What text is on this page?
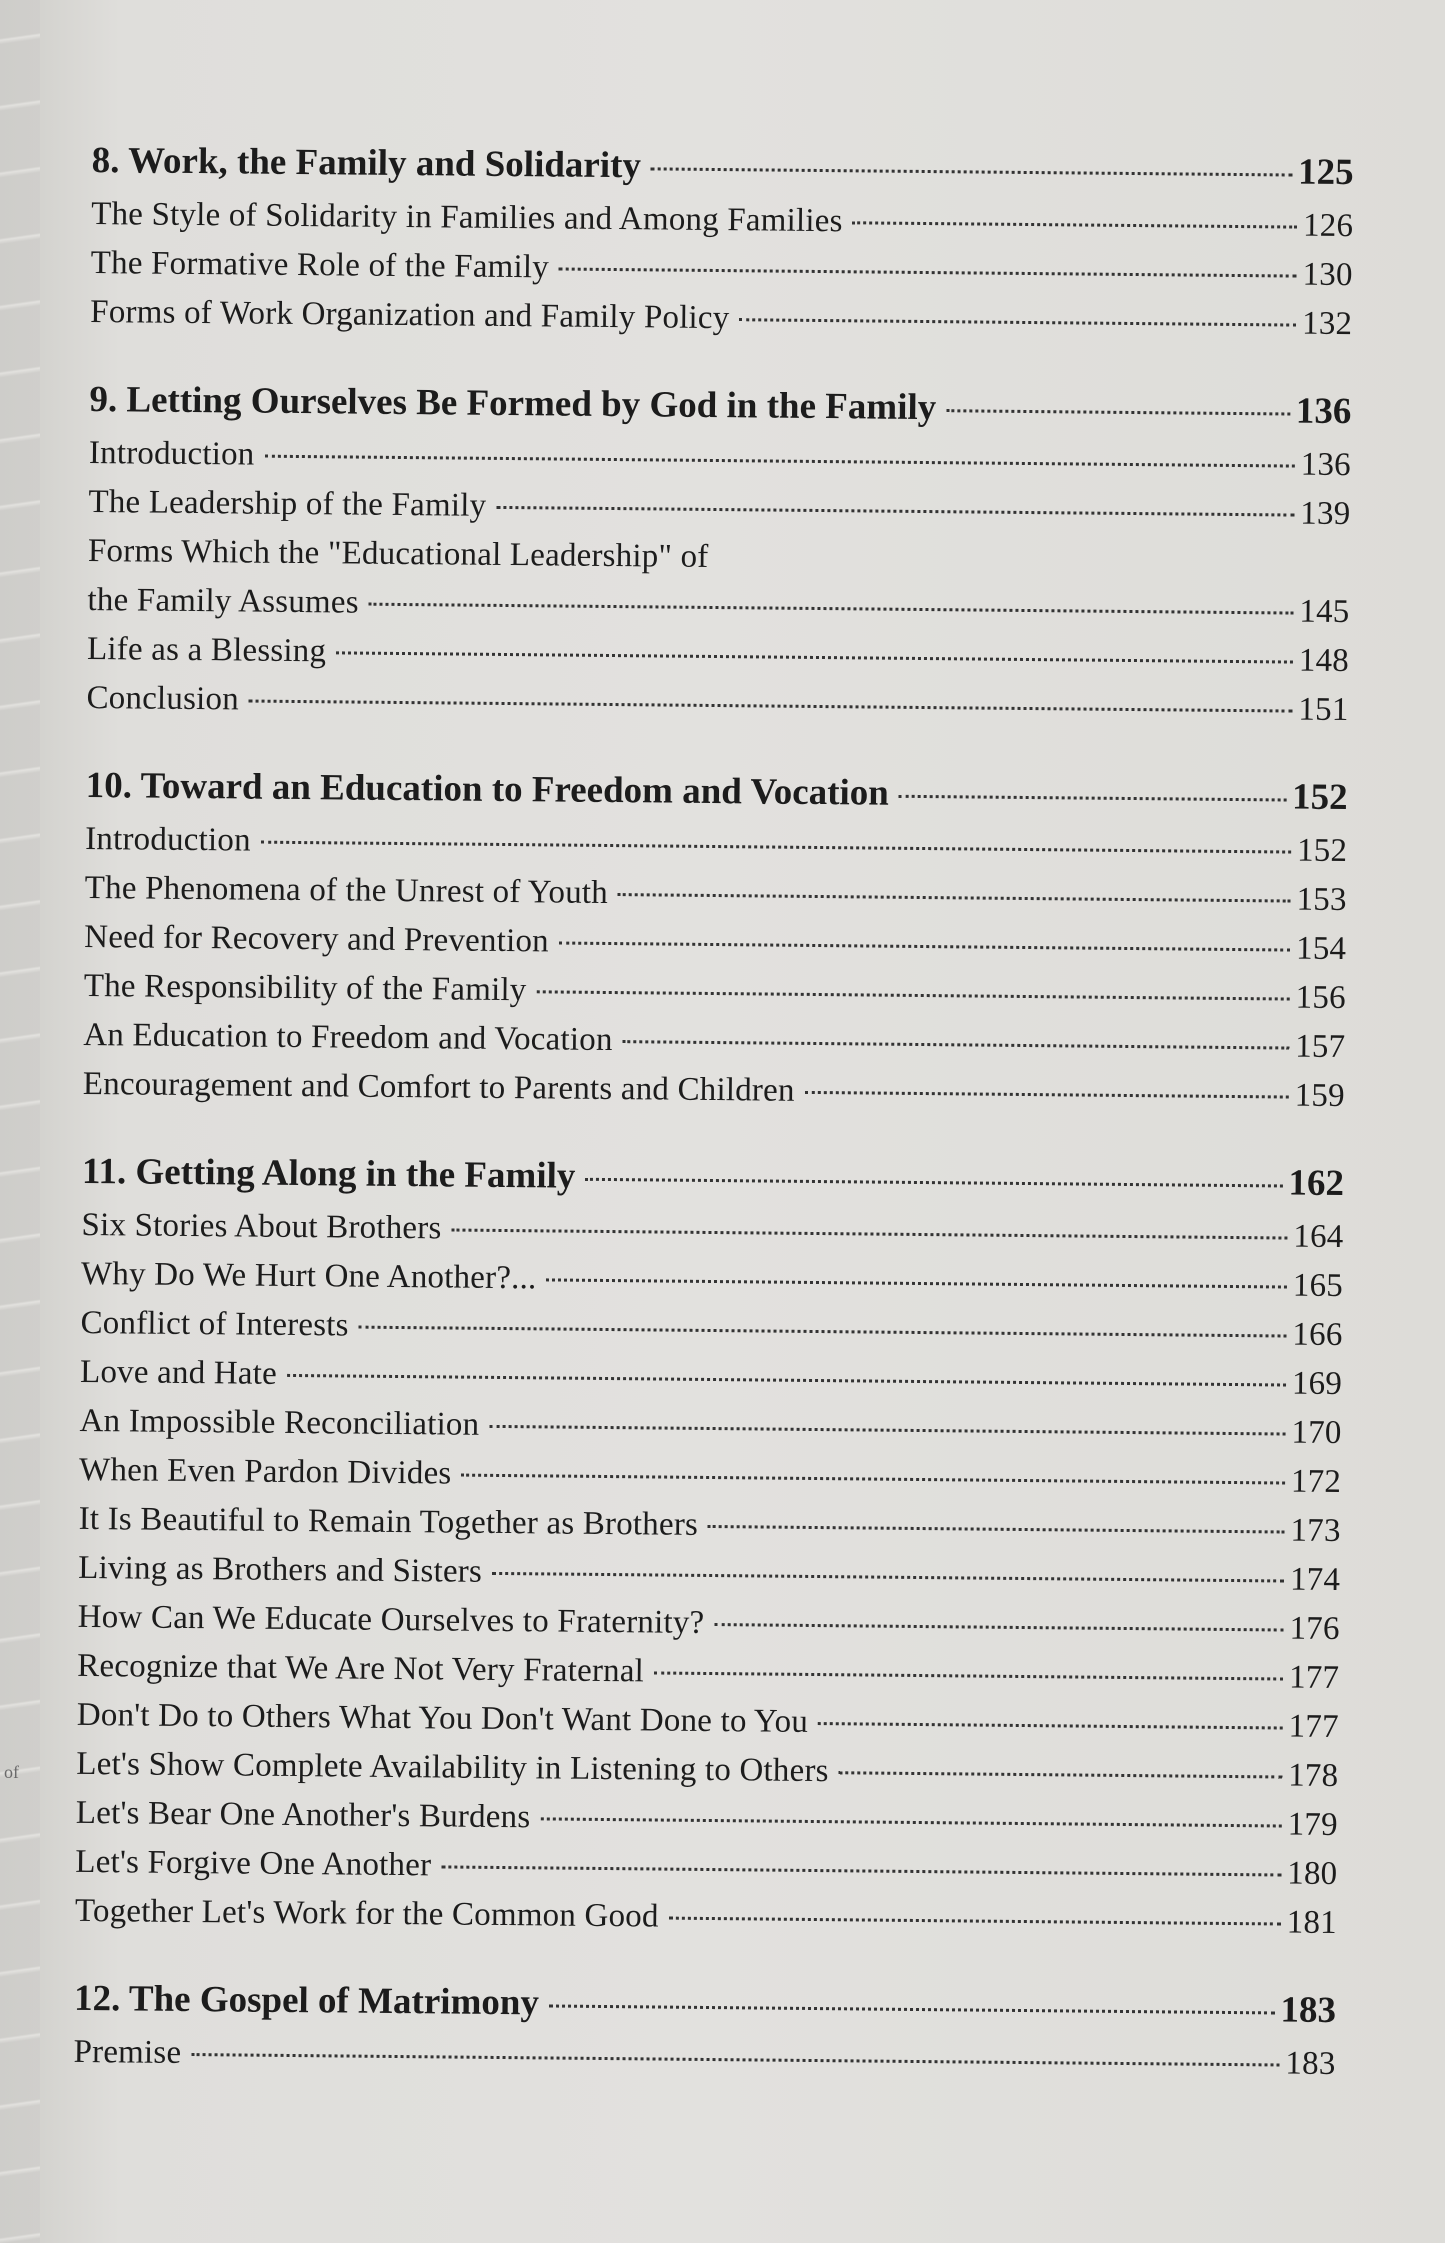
of
8. Work, the Family and Solidarity	125
The Style of Solidarity in Families and Among Families	126
The Formative Role of the Family	130
Forms of Work Organization and Family Policy	132
9. Letting Ourselves Be Formed by God in the Family	136
Introduction	136
The Leadership of the Family	139
Forms Which the "Educational Leadership" of
the Family Assumes	145
Life as a Blessing	148
Conclusion	151
10. Toward an Education to Freedom and Vocation	152
Introduction	152
The Phenomena of the Unrest of Youth	153
Need for Recovery and Prevention	154
The Responsibility of the Family	156
An Education to Freedom and Vocation	157
Encouragement and Comfort to Parents and Children	159
11. Getting Along in the Family	162
Six Stories About Brothers	164
Why Do We Hurt One Another?...	165
Conflict of Interests	166
Love and Hate	169
An Impossible Reconciliation	170
When Even Pardon Divides	172
It Is Beautiful to Remain Together as Brothers	173
Living as Brothers and Sisters	174
How Can We Educate Ourselves to Fraternity?	176
Recognize that We Are Not Very Fraternal	177
Don't Do to Others What You Don't Want Done to You	177
Let's Show Complete Availability in Listening to Others	178
Let's Bear One Another's Burdens	179
Let's Forgive One Another	180
Together Let's Work for the Common Good	181
12. The Gospel of Matrimony	183
Premise	183
